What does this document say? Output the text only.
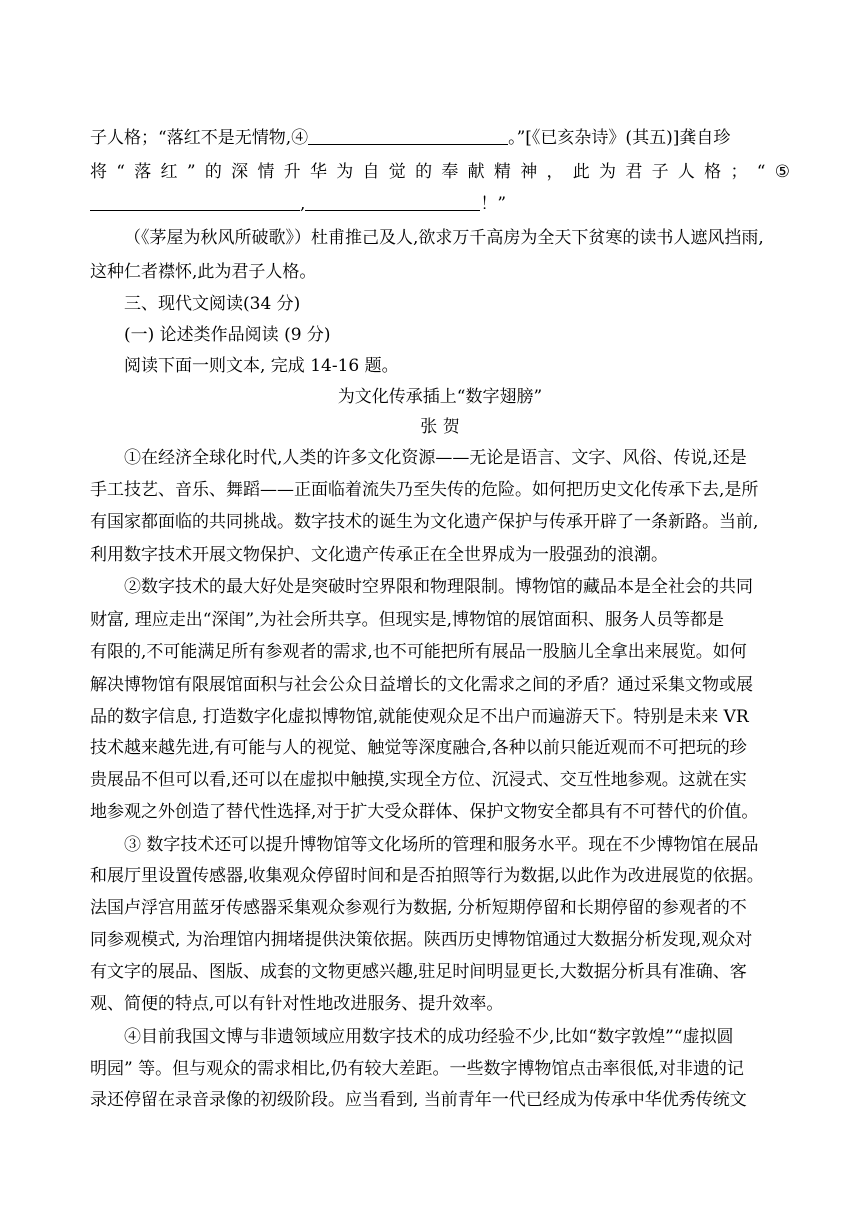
子人格；“落红不是无情物,④	。”[《已亥杂诗》(其五)]龚自珍
将 “ 落 红 ” 的 深 情 升 华 为 自 觉 的 奉 献 精 神 ， 此 为 君 子 人 格 ； “ ⑤
,	！”
（《茅屋为秋风所破歌》）杜甫推己及人,欲求万千高房为全天下贫寒的读书人遮风挡雨,
这种仁者襟怀,此为君子人格。
三、现代文阅读(34 分)
(一) 论述类作品阅读 (9 分)
阅读下面一则文本, 完成 14-16 题。
为文化传承插上“数字翅膀”
张 贺
①在经济全球化时代,人类的许多文化资源——无论是语言、文字、风俗、传说,还是
手工技艺、音乐、舞蹈——正面临着流失乃至失传的危险。如何把历史文化传承下去,是所
有国家都面临的共同挑战。数字技术的诞生为文化遗产保护与传承开辟了一条新路。当前,
利用数字技术开展文物保护、文化遗产传承正在全世界成为一股强劲的浪潮。
②数字技术的最大好处是突破时空界限和物理限制。博物馆的藏品本是全社会的共同
财富, 理应走出“深闺”,为社会所共享。但现实是,博物馆的展馆面积、服务人员等都是
有限的,不可能满足所有参观者的需求,也不可能把所有展品一股脑儿全拿出来展览。如何
解决博物馆有限展馆面积与社会公众日益增长的文化需求之间的矛盾？通过采集文物或展
品的数字信息, 打造数字化虚拟博物馆,就能使观众足不出户而遍游天下。特别是未来 VR
技术越来越先进,有可能与人的视觉、触觉等深度融合,各种以前只能近观而不可把玩的珍
贵展品不但可以看,还可以在虚拟中触摸,实现全方位、沉浸式、交互性地参观。这就在实
地参观之外创造了替代性选择,对于扩大受众群体、保护文物安全都具有不可替代的价值。
③ 数字技术还可以提升博物馆等文化场所的管理和服务水平。现在不少博物馆在展品
和展厅里设置传感器,收集观众停留时间和是否拍照等行为数据,以此作为改进展览的依据。
法国卢浮宫用蓝牙传感器采集观众参观行为数据, 分析短期停留和长期停留的参观者的不
同参观模式, 为治理馆内拥堵提供決策依据。陕西历史博物馆通过大数据分析发现,观众对
有文字的展品、图版、成套的文物更感兴趣,驻足时间明显更长,大数据分析具有准确、客
观、简便的特点,可以有针对性地改进服务、提升效率。
④目前我国文博与非遗领域应用数字技术的成功经验不少,比如“数字敦煌”“虚拟圆
明园” 等。但与观众的需求相比,仍有较大差距。一些数字博物馆点击率很低,对非遗的记
录还停留在录音录像的初级阶段。应当看到, 当前青年一代已经成为传承中华优秀传统文
